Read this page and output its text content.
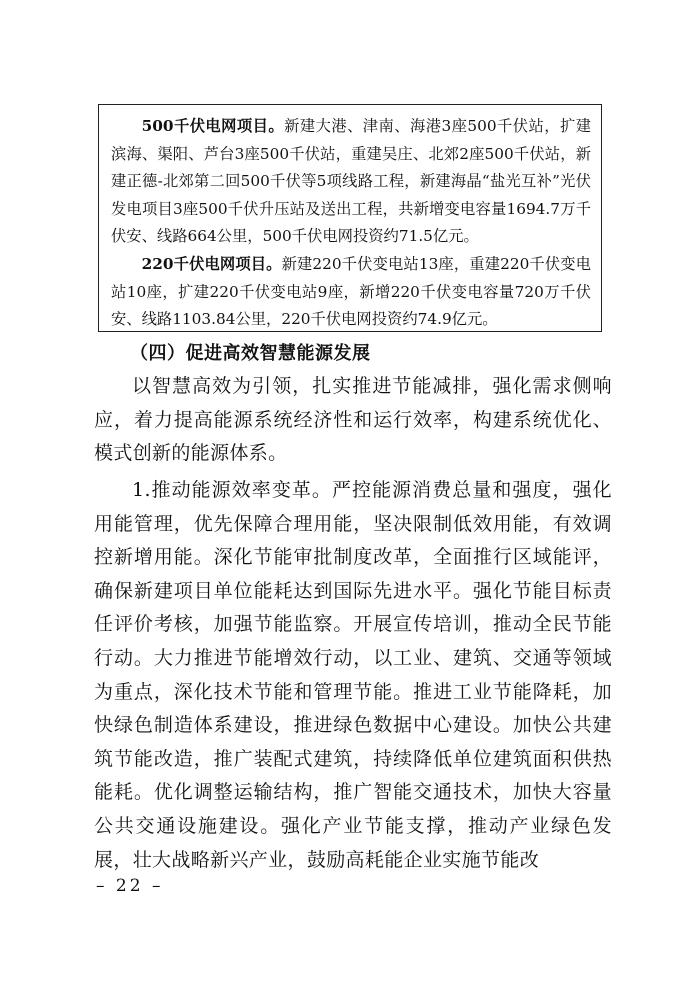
500千伏电网项目。新建大港、津南、海港3座500千伏站，扩建滨海、渠阳、芦台3座500千伏站，重建吴庄、北郊2座500千伏站，新建正德-北郊第二回500千伏等5项线路工程，新建海晶“盐光互补”光伏发电项目3座500千伏升压站及送出工程，共新增变电容量1694.7万千伏安、线路664公里，500千伏电网投资约71.5亿元。

220千伏电网项目。新建220千伏变电站13座，重建220千伏变电站10座，扩建220千伏变电站9座，新增220千伏变电容量720万千伏安、线路1103.84公里，220千伏电网投资约74.9亿元。

（四）促进高效智慧能源发展

以智慧高效为引领，扎实推进节能减排，强化需求侧响应，着力提高能源系统经济性和运行效率，构建系统优化、模式创新的能源体系。

1.推动能源效率变革。严控能源消费总量和强度，强化用能管理，优先保障合理用能，坚决限制低效用能，有效调控新增用能。深化节能审批制度改革，全面推行区域能评，确保新建项目单位能耗达到国际先进水平。强化节能目标责任评价考核，加强节能监察。开展宣传培训，推动全民节能行动。大力推进节能增效行动，以工业、建筑、交通等领域为重点，深化技术节能和管理节能。推进工业节能降耗，加快绿色制造体系建设，推进绿色数据中心建设。加快公共建筑节能改造，推广装配式建筑，持续降低单位建筑面积供热能耗。优化调整运输结构，推广智能交通技术，加快大容量公共交通设施建设。强化产业节能支撑，推动产业绿色发展，壮大战略新兴产业，鼓励高耗能企业实施节能改

– 22 –
